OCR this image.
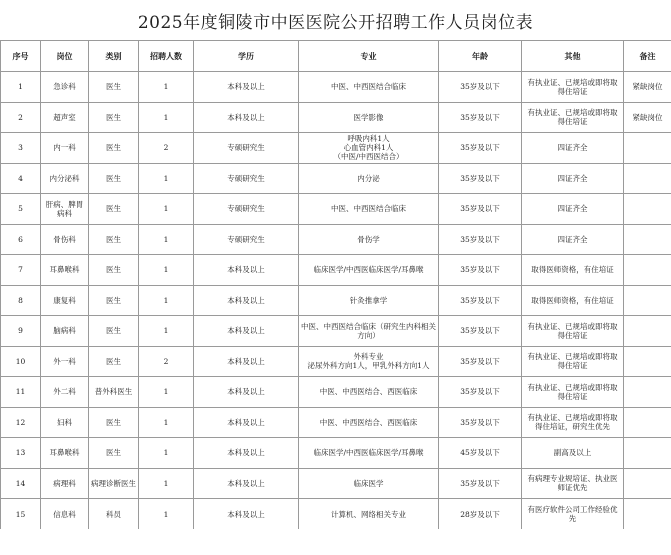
2025年度铜陵市中医医院公开招聘工作人员岗位表
序号	岗位	类别	招聘人数	学历	专业	年龄	其他	备注
1	急诊科	医生	1	本科及以上	中医、中西医结合临床	35岁及以下	有执业证、已规培或即将取得住培证	紧缺岗位
2	超声室	医生	1	本科及以上	医学影像	35岁及以下	有执业证、已规培或即将取得住培证	紧缺岗位
3	内一科	医生	2	专硕研究生	呼吸内科1人
心血管内科1人
（中医/中西医结合）	35岁及以下	四证齐全	
4	内分泌科	医生	1	专硕研究生	内分泌	35岁及以下	四证齐全	
5	肝病、脾胃病科	医生	1	专硕研究生	中医、中西医结合临床	35岁及以下	四证齐全	
6	骨伤科	医生	1	专硕研究生	骨伤学	35岁及以下	四证齐全	
7	耳鼻喉科	医生	1	本科及以上	临床医学/中西医临床医学/耳鼻喉	35岁及以下	取得医师资格，有住培证	
8	康复科	医生	1	本科及以上	针灸推拿学	35岁及以下	取得医师资格，有住培证	
9	脑病科	医生	1	本科及以上	中医、中西医结合临床（研究生内科相关方向）	35岁及以下	有执业证、已规培或即将取得住培证	
10	外一科	医生	2	本科及以上	外科专业
泌尿外科方向1人，甲乳外科方向1人	35岁及以下	有执业证、已规培或即将取得住培证	
11	外二科	普外科医生	1	本科及以上	中医、中西医结合、西医临床	35岁及以下	有执业证、已规培或即将取得住培证	
12	妇科	医生	1	本科及以上	中医、中西医结合、西医临床	35岁及以下	有执业证、已规培或即将取得住培证，研究生优先	
13	耳鼻喉科	医生	1	本科及以上	临床医学/中西医临床医学/耳鼻喉	45岁及以下	副高及以上	
14	病理科	病理诊断医生	1	本科及以上	临床医学	35岁及以下	有病理专业规培证、执业医师证优先	
15	信息科	科员	1	本科及以上	计算机、网络相关专业	28岁及以下	有医疗软件公司工作经验优先	
